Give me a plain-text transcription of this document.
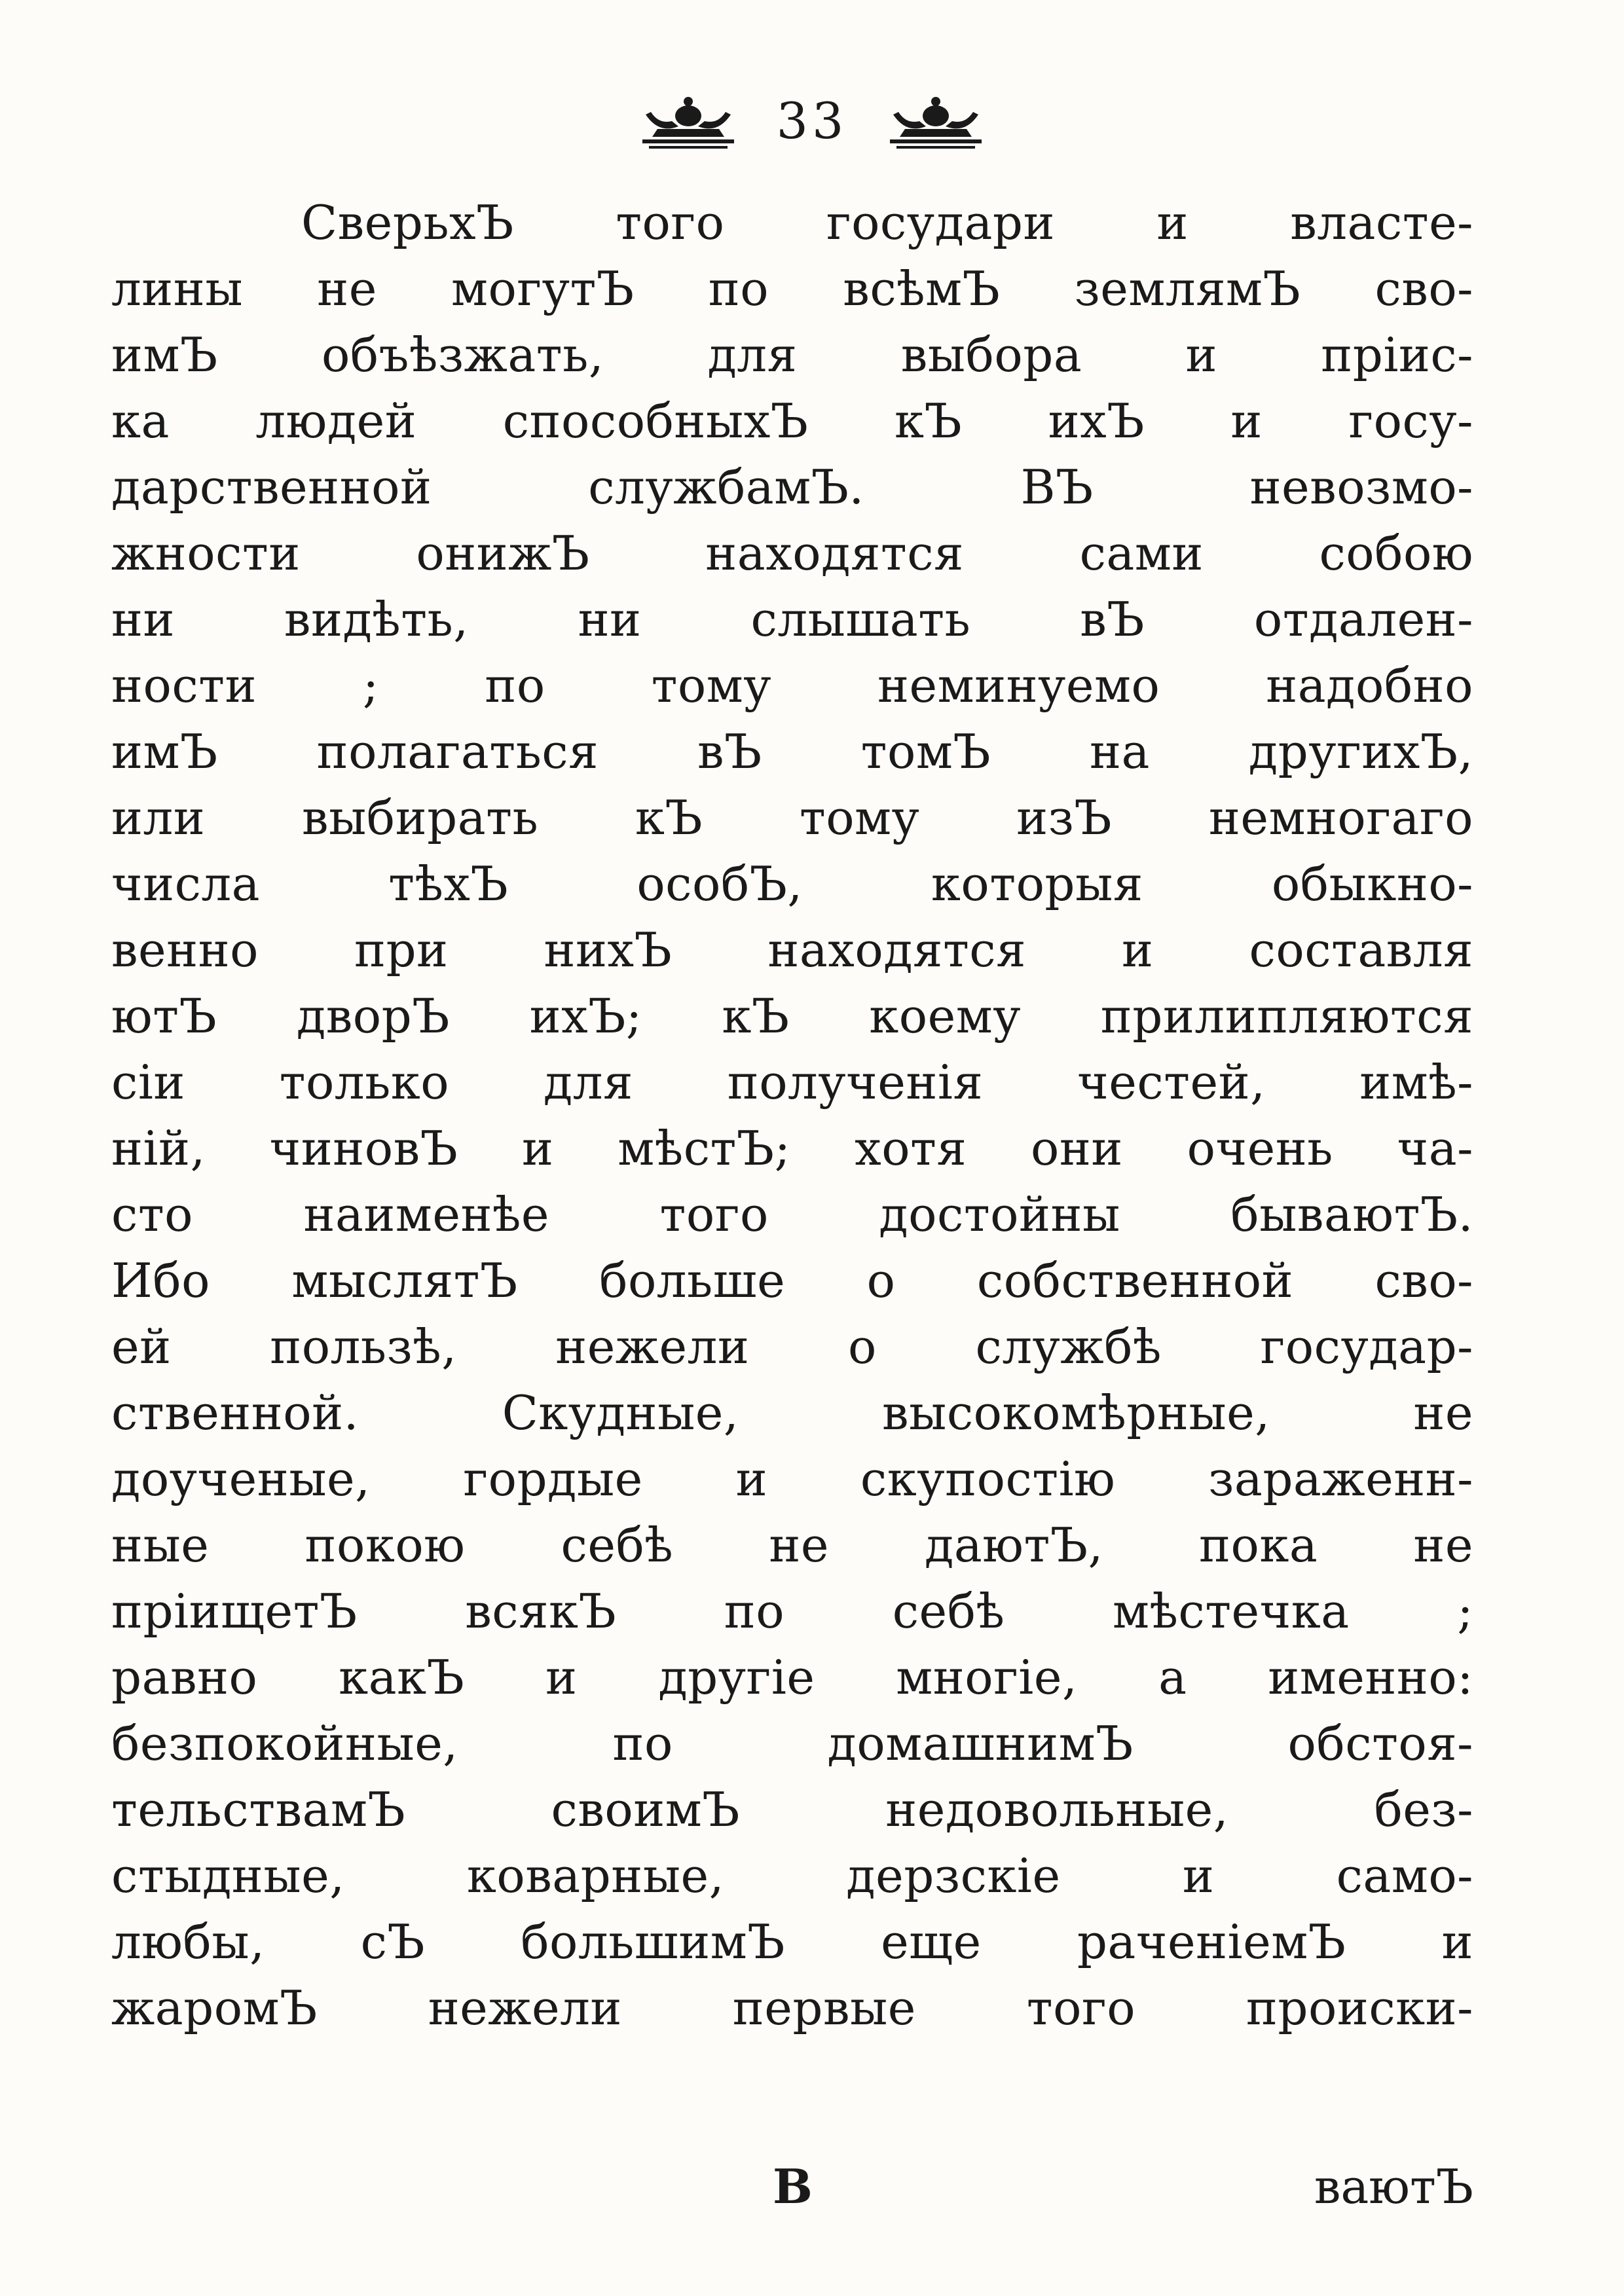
33
СверьхЪ того государи и власте-
лины не могутЪ по всѣмЪ землямЪ сво-
имЪ объѣзжать, для выбора и прiис-
ка людей способныхЪ кЪ ихЪ и госу-
дарственной службамЪ. ВЪ невозмо-
жности онижЪ находятся сами собою
ни видѣть, ни слышать вЪ отдален-
ности ; по тому неминуемо надобно
имЪ полагаться вЪ томЪ на другихЪ,
или выбирать кЪ тому изЪ немногаго
числа тѣхЪ особЪ, которыя обыкно-
венно при нихЪ находятся и составля
ютЪ дворЪ ихЪ; кЪ коему прилипляются
сiи только для полученiя честей, имѣ-
нiй, чиновЪ и мѣстЪ; хотя они очень ча-
сто наименѣе того достойны бываютЪ.
Ибо мыслятЪ больше о собственной сво-
ей пользѣ, нежели о службѣ государ-
ственной. Скудные, высокомѣрные, не
доученые, гордые и скупостiю зараженн-
ные покою себѣ не даютЪ, пока не
прiищетЪ всякЪ по себѣ мѣстечка ;
равно какЪ и другiе многiе, а именно:
безпокойные, по домашнимЪ обстоя-
тельствамЪ своимЪ недовольные, без-
стыдные, коварные, дерзскiе и само-
любы, сЪ большимЪ еще раченiемЪ и
жаромЪ нежели первые того происки-
B	ваютЪ
